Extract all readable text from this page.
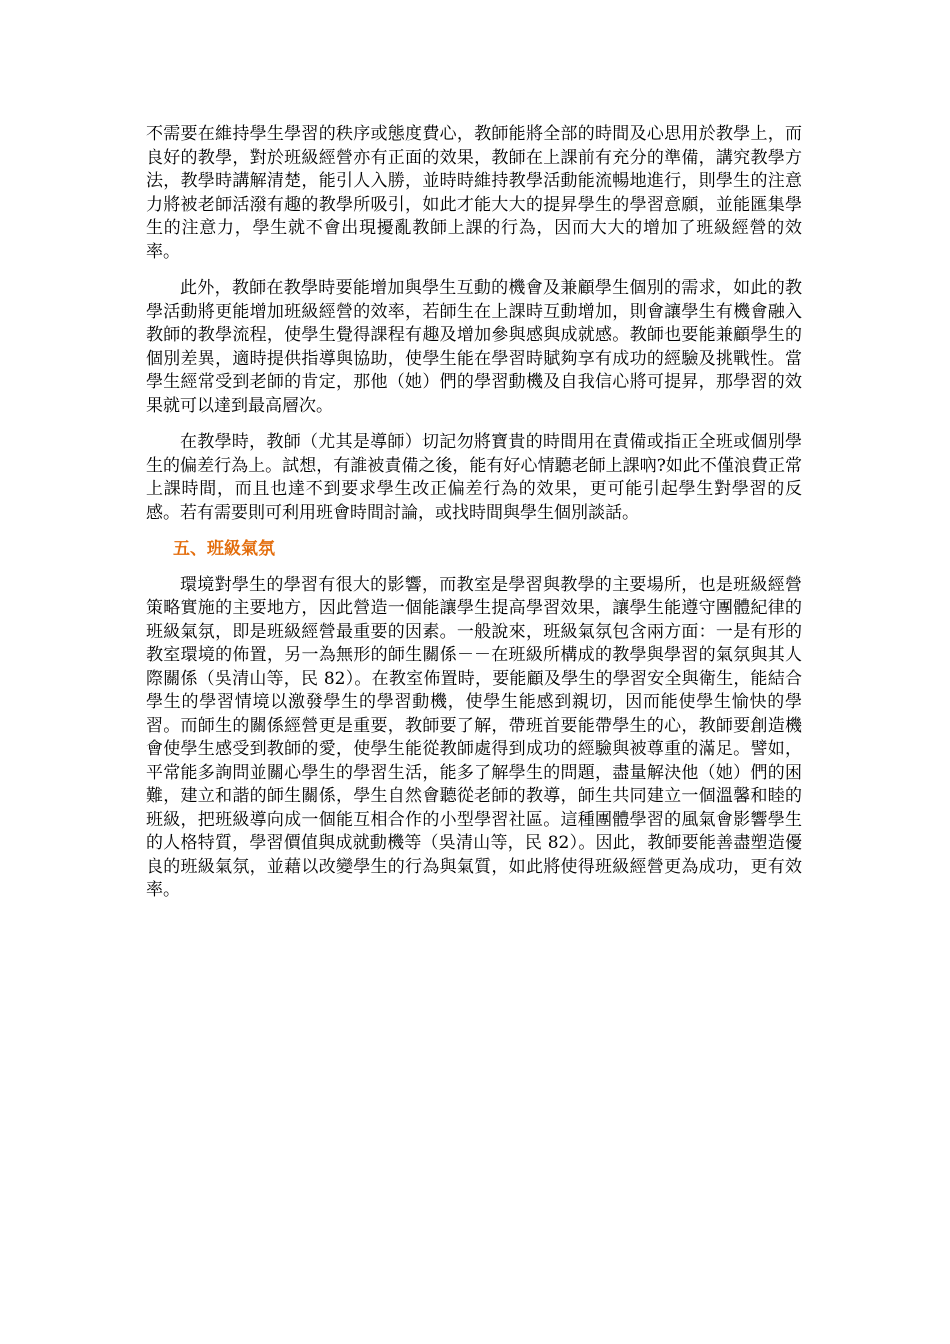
不需要在維持學生學習的秩序或態度費心，教師能將全部的時間及心思用於教學上，而良好的教學，對於班級經營亦有正面的效果，教師在上課前有充分的準備，講究教學方法，教學時講解清楚，能引人入勝，並時時維持教學活動能流暢地進行，則學生的注意力將被老師活潑有趣的教學所吸引，如此才能大大的提昇學生的學習意願，並能匯集學生的注意力，學生就不會出現擾亂教師上課的行為，因而大大的增加了班級經營的效率。

此外，教師在教學時要能增加與學生互動的機會及兼顧學生個別的需求，如此的教學活動將更能增加班級經營的效率，若師生在上課時互動增加，則會讓學生有機會融入教師的教學流程，使學生覺得課程有趣及增加參與感與成就感。教師也要能兼顧學生的個別差異，適時提供指導與協助，使學生能在學習時賦夠享有成功的經驗及挑戰性。當學生經常受到老師的肯定，那他（她）們的學習動機及自我信心將可提昇，那學習的效果就可以達到最高層次。

在教學時，教師（尤其是導師）切記勿將寶貴的時間用在責備或指正全班或個別學生的偏差行為上。試想，有誰被責備之後，能有好心情聽老師上課吶?如此不僅浪費正常上課時間，而且也達不到要求學生改正偏差行為的效果，更可能引起學生對學習的反感。若有需要則可利用班會時間討論，或找時間與學生個別談話。

五、班級氣氛

環境對學生的學習有很大的影響，而教室是學習與教學的主要場所，也是班級經營策略實施的主要地方，因此營造一個能讓學生提高學習效果，讓學生能遵守團體紀律的班級氣氛，即是班級經營最重要的因素。一般說來，班級氣氛包含兩方面：一是有形的教室環境的佈置，另一為無形的師生關係－－在班級所構成的教學與學習的氣氛與其人際關係（吳清山等，民 82）。在教室佈置時，要能顧及學生的學習安全與衛生，能結合學生的學習情境以激發學生的學習動機，使學生能感到親切，因而能使學生愉快的學習。而師生的關係經營更是重要，教師要了解，帶班首要能帶學生的心，教師要創造機會使學生感受到教師的愛，使學生能從教師處得到成功的經驗與被尊重的滿足。譬如，平常能多詢問並關心學生的學習生活，能多了解學生的問題，盡量解決他（她）們的困難，建立和諧的師生關係，學生自然會聽從老師的教導，師生共同建立一個溫馨和睦的班級，把班級導向成一個能互相合作的小型學習社區。這種團體學習的風氣會影響學生的人格特質，學習價值與成就動機等（吳清山等，民 82）。因此，教師要能善盡塑造優良的班級氣氛，並藉以改變學生的行為與氣質，如此將使得班級經營更為成功，更有效率。
